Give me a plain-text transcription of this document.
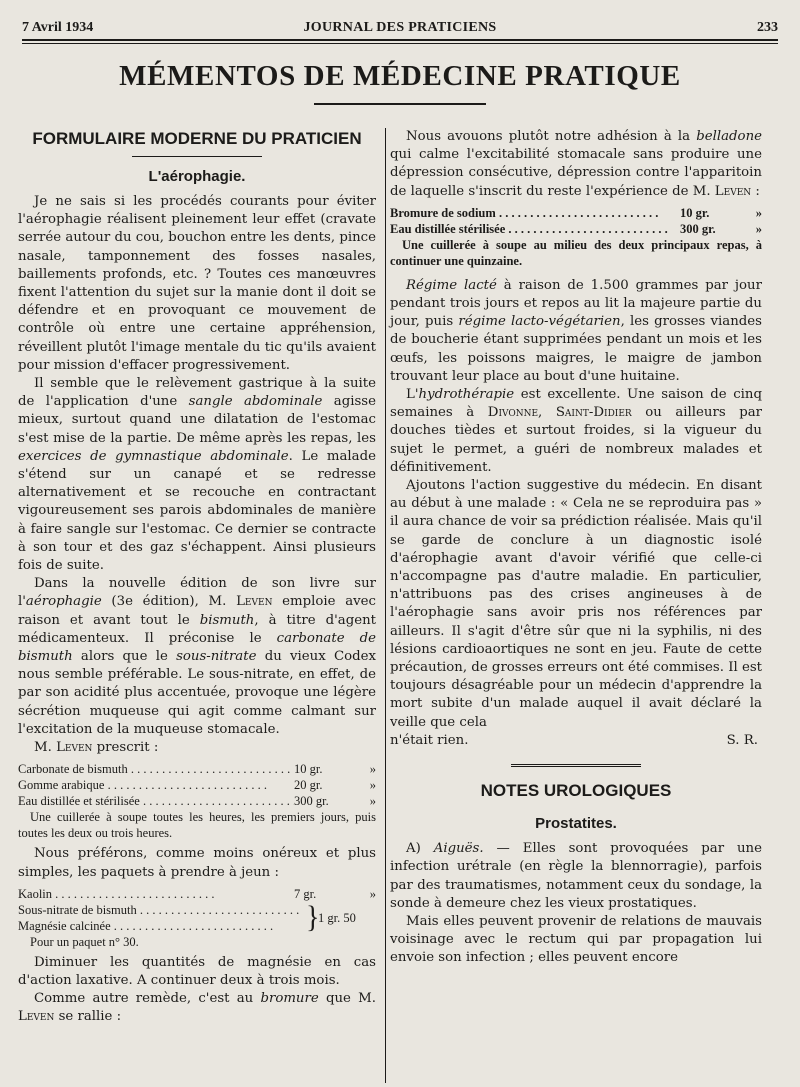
7 Avril 1934	JOURNAL DES PRATICIENS	233
MÉMENTOS DE MÉDECINE PRATIQUE
FORMULAIRE MODERNE DU PRATICIEN
L'aérophagie.

Je ne sais si les procédés courants pour éviter l'aérophagie réalisent pleinement leur effet (cravate serrée autour du cou, bouchon entre les dents, pince nasale, tamponnement des fosses nasales, baillements profonds, etc. ? Toutes ces manœuvres fixent l'attention du sujet sur la manie dont il doit se défendre et en provoquant ce mouvement de contrôle où entre une certaine appréhension, réveillent plutôt l'image mentale du tic qu'ils avaient pour mission d'effacer progressivement.

Il semble que le relèvement gastrique à la suite de l'application d'une sangle abdominale agisse mieux, surtout quand une dilatation de l'estomac s'est mise de la partie. De même après les repas, les exercices de gymnastique abdominale. Le malade s'étend sur un canapé et se redresse alternativement et se recouche en contractant vigoureusement ses parois abdominales de manière à faire sangle sur l'estomac. Ce dernier se contracte à son tour et des gaz s'échappent. Ainsi plusieurs fois de suite.

Dans la nouvelle édition de son livre sur l'aérophagie (3e édition), M. Leven emploie avec raison et avant tout le bismuth, à titre d'agent médicamenteux. Il préconise le carbonate de bismuth alors que le sous-nitrate du vieux Codex nous semble préférable. Le sous-nitrate, en effet, de par son acidité plus accentuée, provoque une légère sécrétion muqueuse qui agit comme calmant sur l'excitation de la muqueuse stomacale.

M. Leven prescrit :

Carbonate de bismuth . . .	10 gr.	»
Gomme arabique . . .	20 gr.	»
Eau distillée et stérilisée . . .	300 gr.	»

Une cuillerée à soupe toutes les heures, les premiers jours, puis toutes les deux ou trois heures.

Nous préférons, comme moins onéreux et plus simples, les paquets à prendre à jeun :

Kaolin . . .	7 gr.	»
Sous-nitrate de bismuth . . .
Magnésie calcinée . . .	}
1 gr. 50
Pour un paquet n° 30.

Diminuer les quantités de magnésie en cas d'action laxative. A continuer deux à trois mois.

Comme autre remède, c'est au bromure que M. Leven se rallie :

Nous avouons plutôt notre adhésion à la belladone qui calme l'excitabilité stomacale sans produire une dépression consécutive, dépression contre l'apparitoin de laquelle s'inscrit du reste l'expérience de M. Leven :

Bromure de sodium . . .	10 gr.	»
Eau distillée stérilisée . . .	300 gr.	»

Une cuillerée à soupe au milieu des deux principaux repas, à continuer une quinzaine.

Régime lacté à raison de 1.500 grammes par jour pendant trois jours et repos au lit la majeure partie du jour, puis régime lacto-végétarien, les grosses viandes de boucherie étant supprimées pendant un mois et les œufs, les poissons maigres, le maigre de jambon trouvant leur place au bout d'une huitaine.

L'hydrothérapie est excellente. Une saison de cinq semaines à Divonne, Saint-Didier ou ailleurs par douches tièdes et surtout froides, si la vigueur du sujet le permet, a guéri de nombreux malades et définitivement.

Ajoutons l'action suggestive du médecin. En disant au début à une malade : « Cela ne se reproduira pas » il aura chance de voir sa prédiction réalisée. Mais qu'il se garde de conclure à un diagnostic isolé d'aérophagie avant d'avoir vérifié que celle-ci n'accompagne pas d'autre maladie. En particulier, n'attribuons pas des crises angineuses à de l'aérophagie sans avoir pris nos références par ailleurs. Il s'agit d'être sûr que ni la syphilis, ni des lésions cardioaortiques ne sont en jeu. Faute de cette précaution, de grosses erreurs ont été commises. Il est toujours désagréable pour un médecin d'apprendre la mort subite d'un malade auquel il avait déclaré la veille que cela

n'était rien.	S. R.
NOTES UROLOGIQUES
Prostatites.

A) Aiguës. — Elles sont provoquées par une infection urétrale (en règle la blennorragie), parfois par des traumatismes, notamment ceux du sondage, la sonde à demeure chez les vieux prostatiques.

Mais elles peuvent provenir de relations de mauvais voisinage avec le rectum qui par propagation lui envoie son infection ; elles peuvent encore
